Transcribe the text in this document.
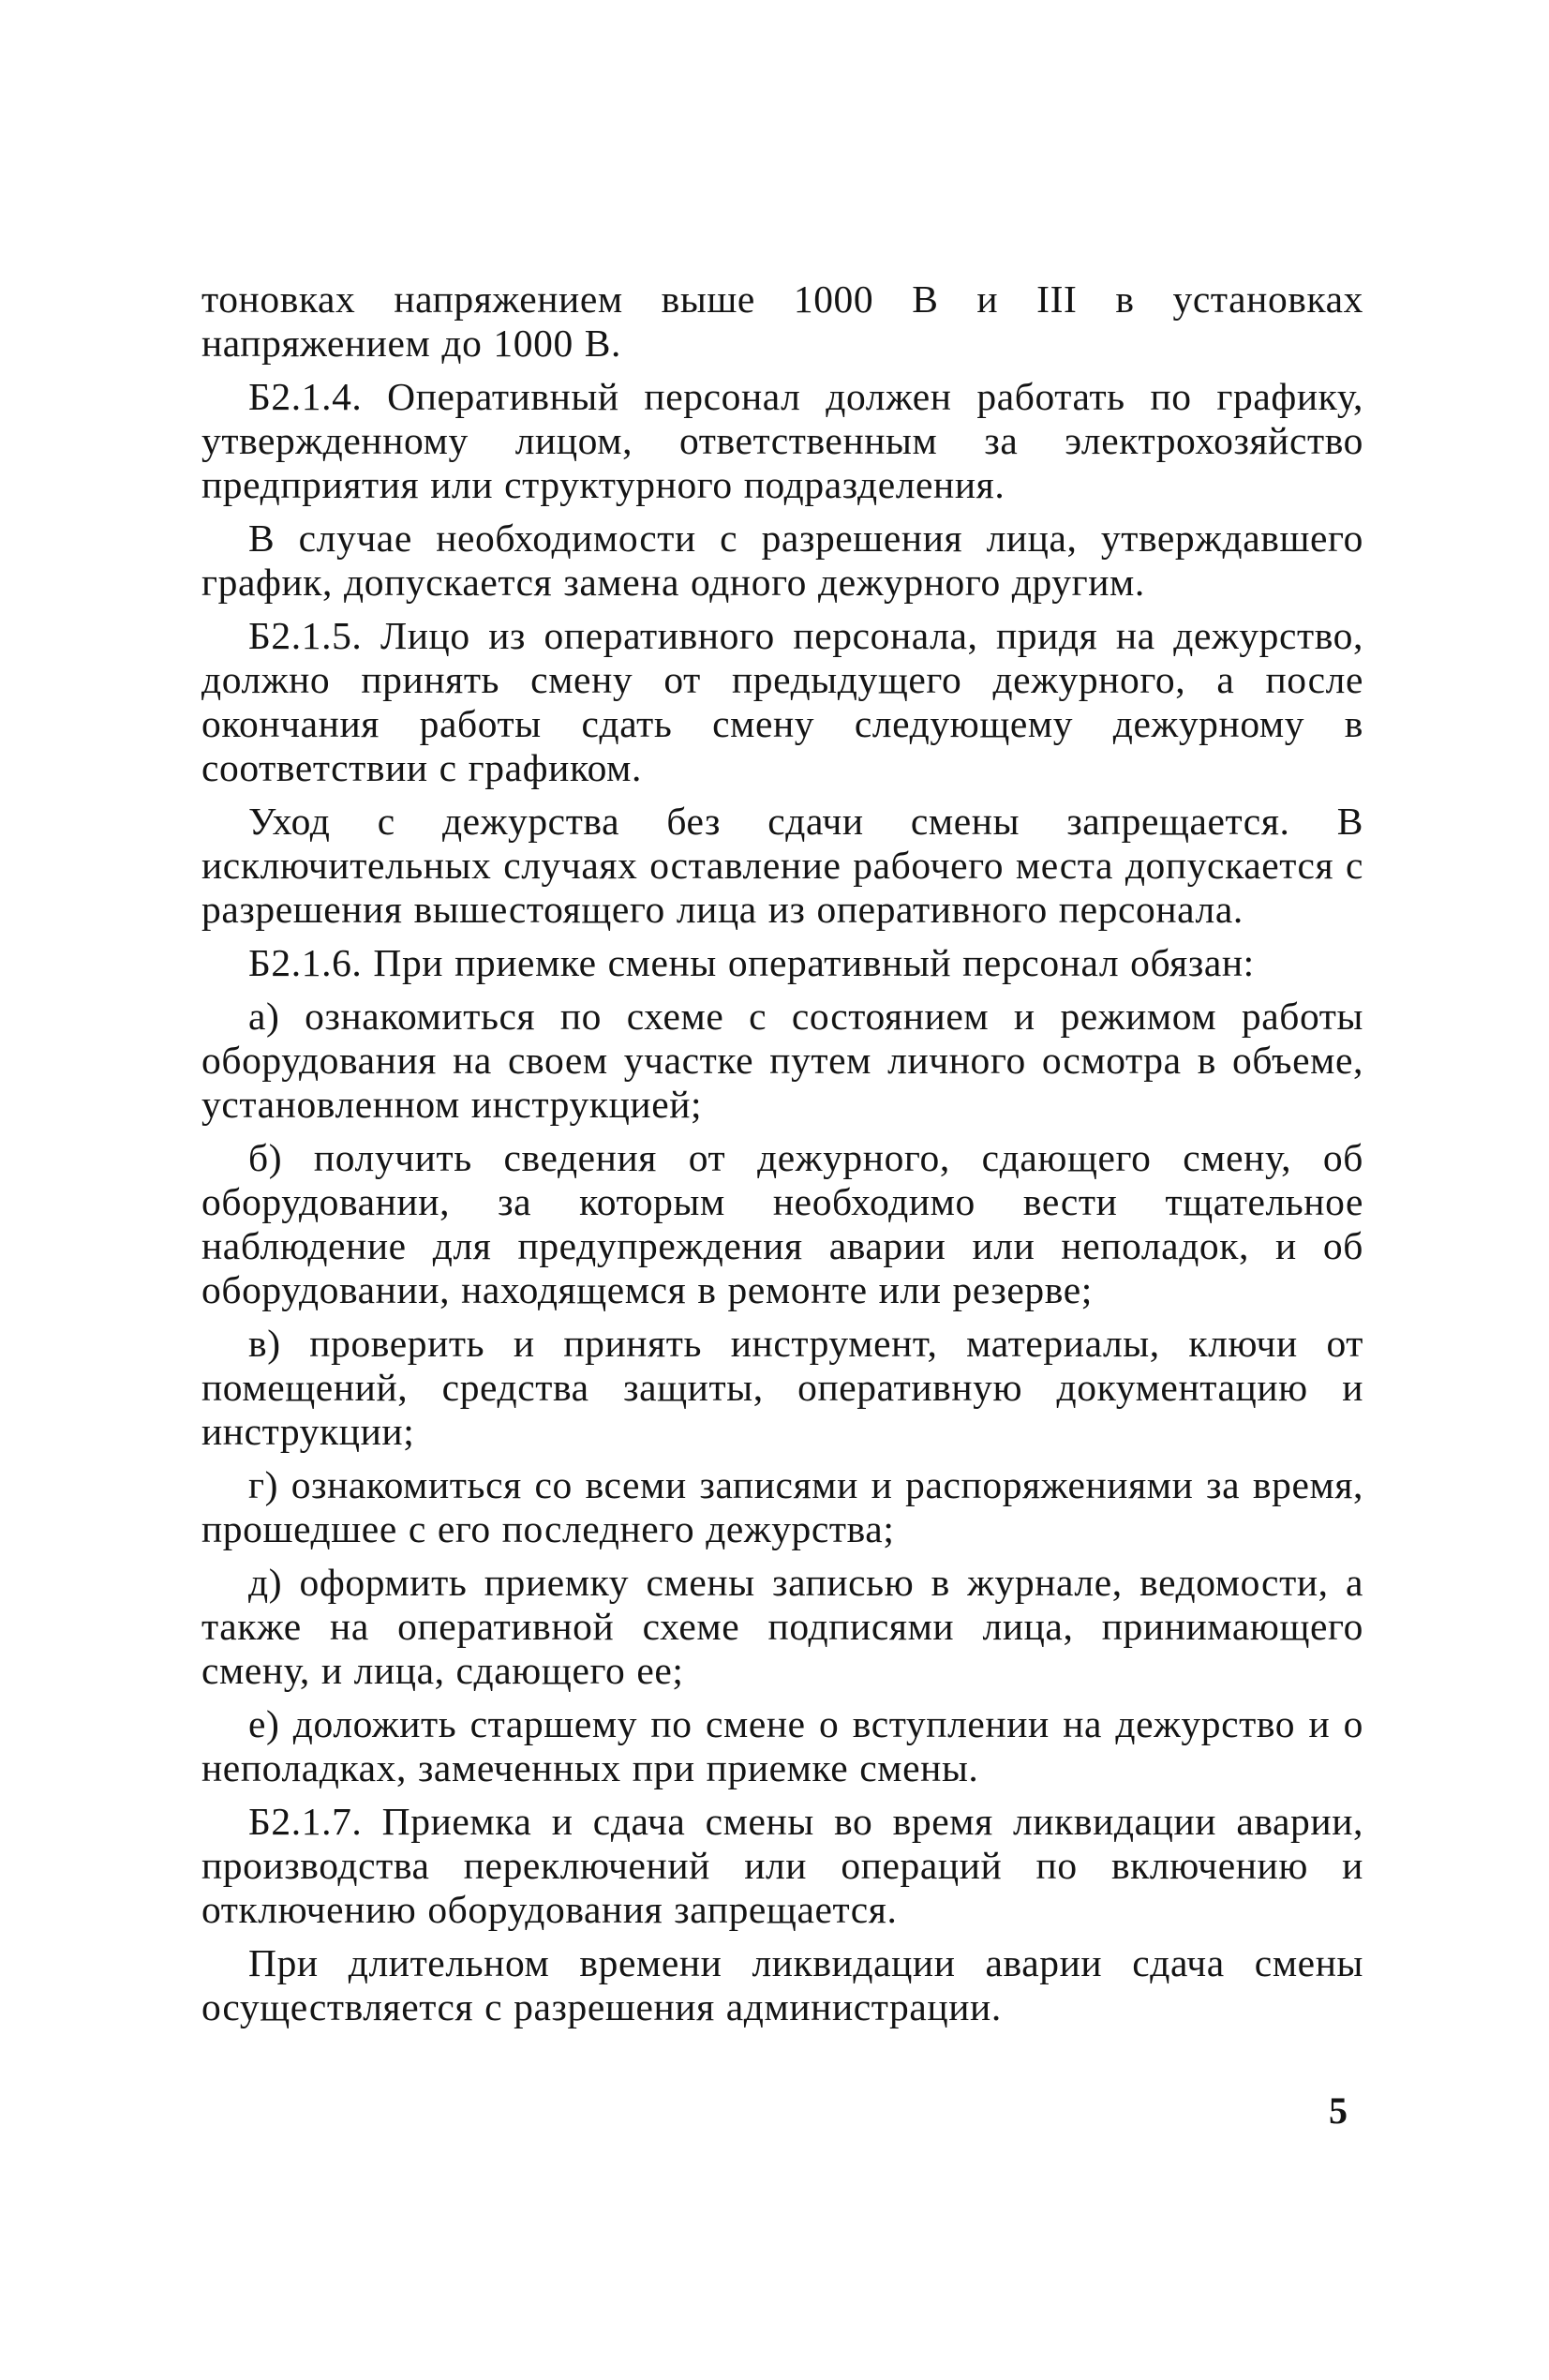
тоновках напряжением выше 1000 В и III в установках напряжением до 1000 В.

Б2.1.4. Оперативный персонал должен работать по графику, утвержденному лицом, ответственным за электрохозяйство предприятия или структурного подразделения.

В случае необходимости с разрешения лица, утверждавшего график, допускается замена одного дежурного другим.

Б2.1.5. Лицо из оперативного персонала, придя на дежурство, должно принять смену от предыдущего дежурного, а после окончания работы сдать смену следующему дежурному в соответствии с графиком.

Уход с дежурства без сдачи смены запрещается. В исключительных случаях оставление рабочего места допускается с разрешения вышестоящего лица из оперативного персонала.

Б2.1.6. При приемке смены оперативный персонал обязан:

а) ознакомиться по схеме с состоянием и режимом работы оборудования на своем участке путем личного осмотра в объеме, установленном инструкцией;

б) получить сведения от дежурного, сдающего смену, об оборудовании, за которым необходимо вести тщательное наблюдение для предупреждения аварии или неполадок, и об оборудовании, находящемся в ремонте или резерве;

в) проверить и принять инструмент, материалы, ключи от помещений, средства защиты, оперативную документацию и инструкции;

г) ознакомиться со всеми записями и распоряжениями за время, прошедшее с его последнего дежурства;

д) оформить приемку смены записью в журнале, ведомости, а также на оперативной схеме подписями лица, принимающего смену, и лица, сдающего ее;

е) доложить старшему по смене о вступлении на дежурство и о неполадках, замеченных при приемке смены.

Б2.1.7. Приемка и сдача смены во время ликвидации аварии, производства переключений или операций по включению и отключению оборудования запрещается.

При длительном времени ликвидации аварии сдача смены осуществляется с разрешения администрации.

5
